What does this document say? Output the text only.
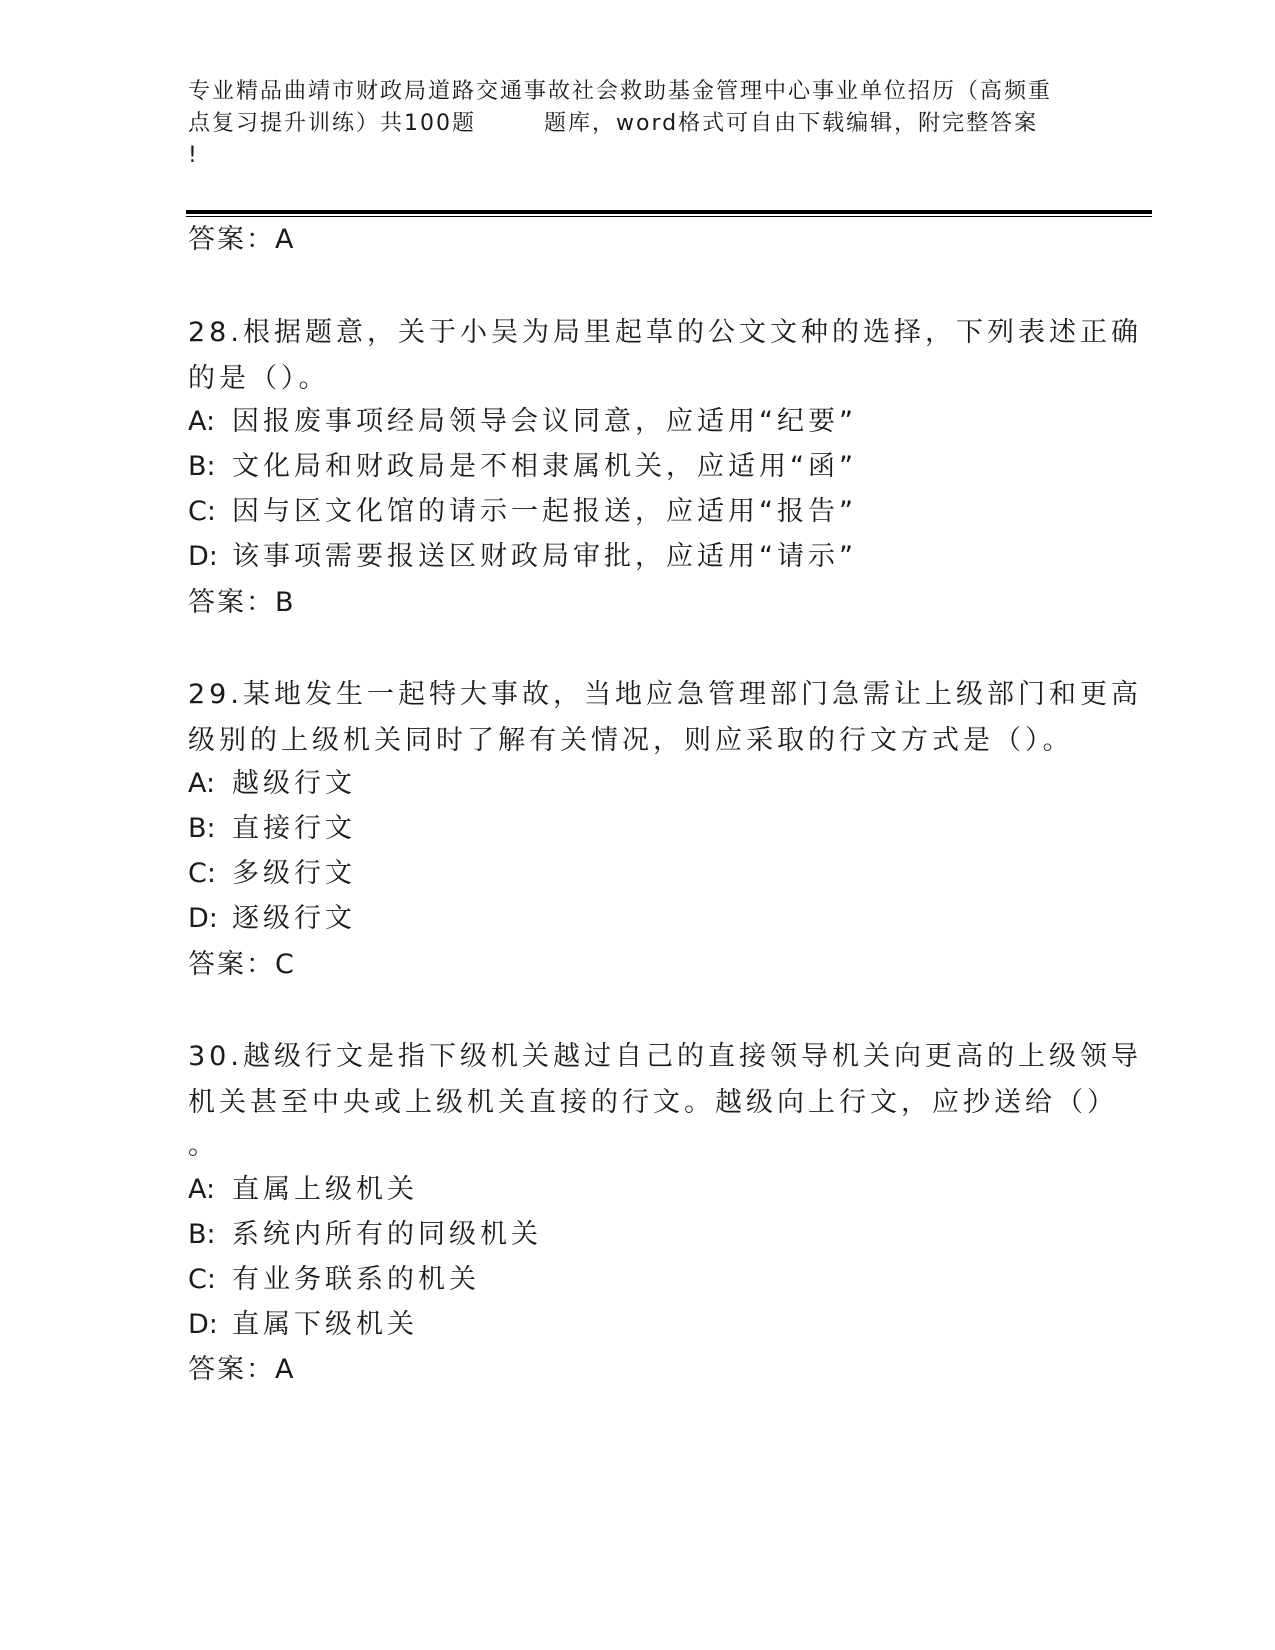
专业精品曲靖市财政局道路交通事故社会救助基金管理中心事业单位招历（高频重
点复习提升训练）共100题	题库，word格式可自由下载编辑，附完整答案
!
答案：A
28.根据题意，关于小吴为局里起草的公文文种的选择，下列表述正确
的是（）。
A: 因报废事项经局领导会议同意，应适用“纪要”
B: 文化局和财政局是不相隶属机关，应适用“函”
C: 因与区文化馆的请示一起报送，应适用“报告”
D: 该事项需要报送区财政局审批，应适用“请示”
答案：B
29.某地发生一起特大事故，当地应急管理部门急需让上级部门和更高
级别的上级机关同时了解有关情况，则应采取的行文方式是（）。
A: 越级行文
B: 直接行文
C: 多级行文
D: 逐级行文
答案：C
30.越级行文是指下级机关越过自己的直接领导机关向更高的上级领导
机关甚至中央或上级机关直接的行文。越级向上行文，应抄送给（）
。
A: 直属上级机关
B: 系统内所有的同级机关
C: 有业务联系的机关
D: 直属下级机关
答案：A
